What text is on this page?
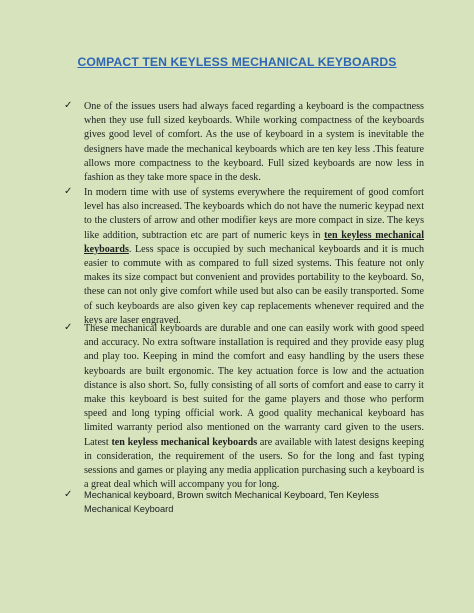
COMPACT TEN KEYLESS MECHANICAL KEYBOARDS
✓ One of the issues users had always faced regarding a keyboard is the compactness when they use full sized keyboards. While working compactness of the keyboards gives good level of comfort. As the use of keyboard in a system is inevitable the designers have made the mechanical keyboards which are ten key less .This feature allows more compactness to the keyboard. Full sized keyboards are now less in fashion as they take more space in the desk.
✓ In modern time with use of systems everywhere the requirement of good comfort level has also increased. The keyboards which do not have the numeric keypad next to the clusters of arrow and other modifier keys are more compact in size. The keys like addition, subtraction etc are part of numeric keys in ten keyless mechanical keyboards. Less space is occupied by such mechanical keyboards and it is much easier to commute with as compared to full sized systems. This feature not only makes its size compact but convenient and provides portability to the keyboard. So, these can not only give comfort while used but also can be easily transported. Some of such keyboards are also given key cap replacements whenever required and the keys are laser engraved.
✓ These mechanical keyboards are durable and one can easily work with good speed and accuracy. No extra software installation is required and they provide easy plug and play too. Keeping in mind the comfort and easy handling by the users these keyboards are built ergonomic. The key actuation force is low and the actuation distance is also short. So, fully consisting of all sorts of comfort and ease to carry it make this keyboard is best suited for the game players and those who perform speed and long typing official work. A good quality mechanical keyboard has limited warranty period also mentioned on the warranty card given to the users. Latest ten keyless mechanical keyboards are available with latest designs keeping in consideration, the requirement of the users. So for the long and fast typing sessions and games or playing any media application purchasing such a keyboard is a great deal which will accompany you for long.
✓ Mechanical keyboard, Brown switch Mechanical Keyboard, Ten Keyless Mechanical Keyboard
